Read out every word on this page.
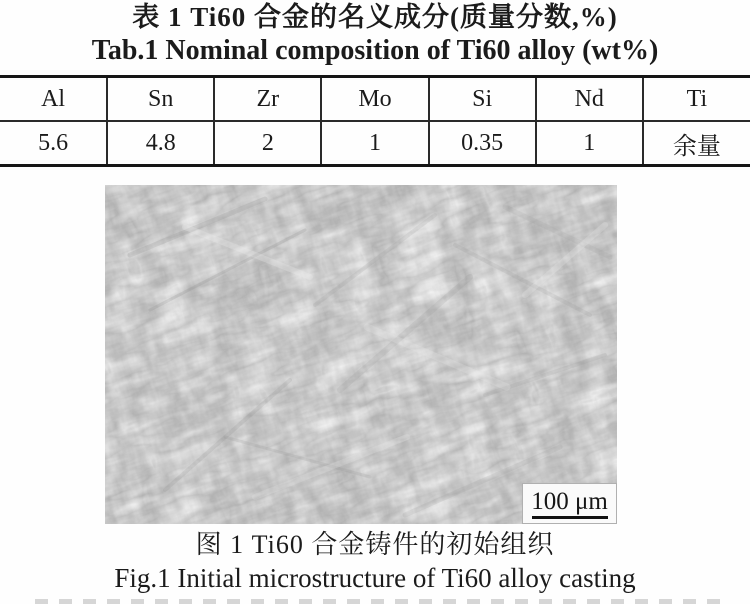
表 1 Ti60 合金的名义成分(质量分数,%)
Tab.1 Nominal composition of Ti60 alloy (wt%)
Al	Sn	Zr	Mo	Si	Nd	Ti
5.6	4.8	2	1	0.35	1	余量
100 μm
图 1 Ti60 合金铸件的初始组织
Fig.1 Initial microstructure of Ti60 alloy casting
